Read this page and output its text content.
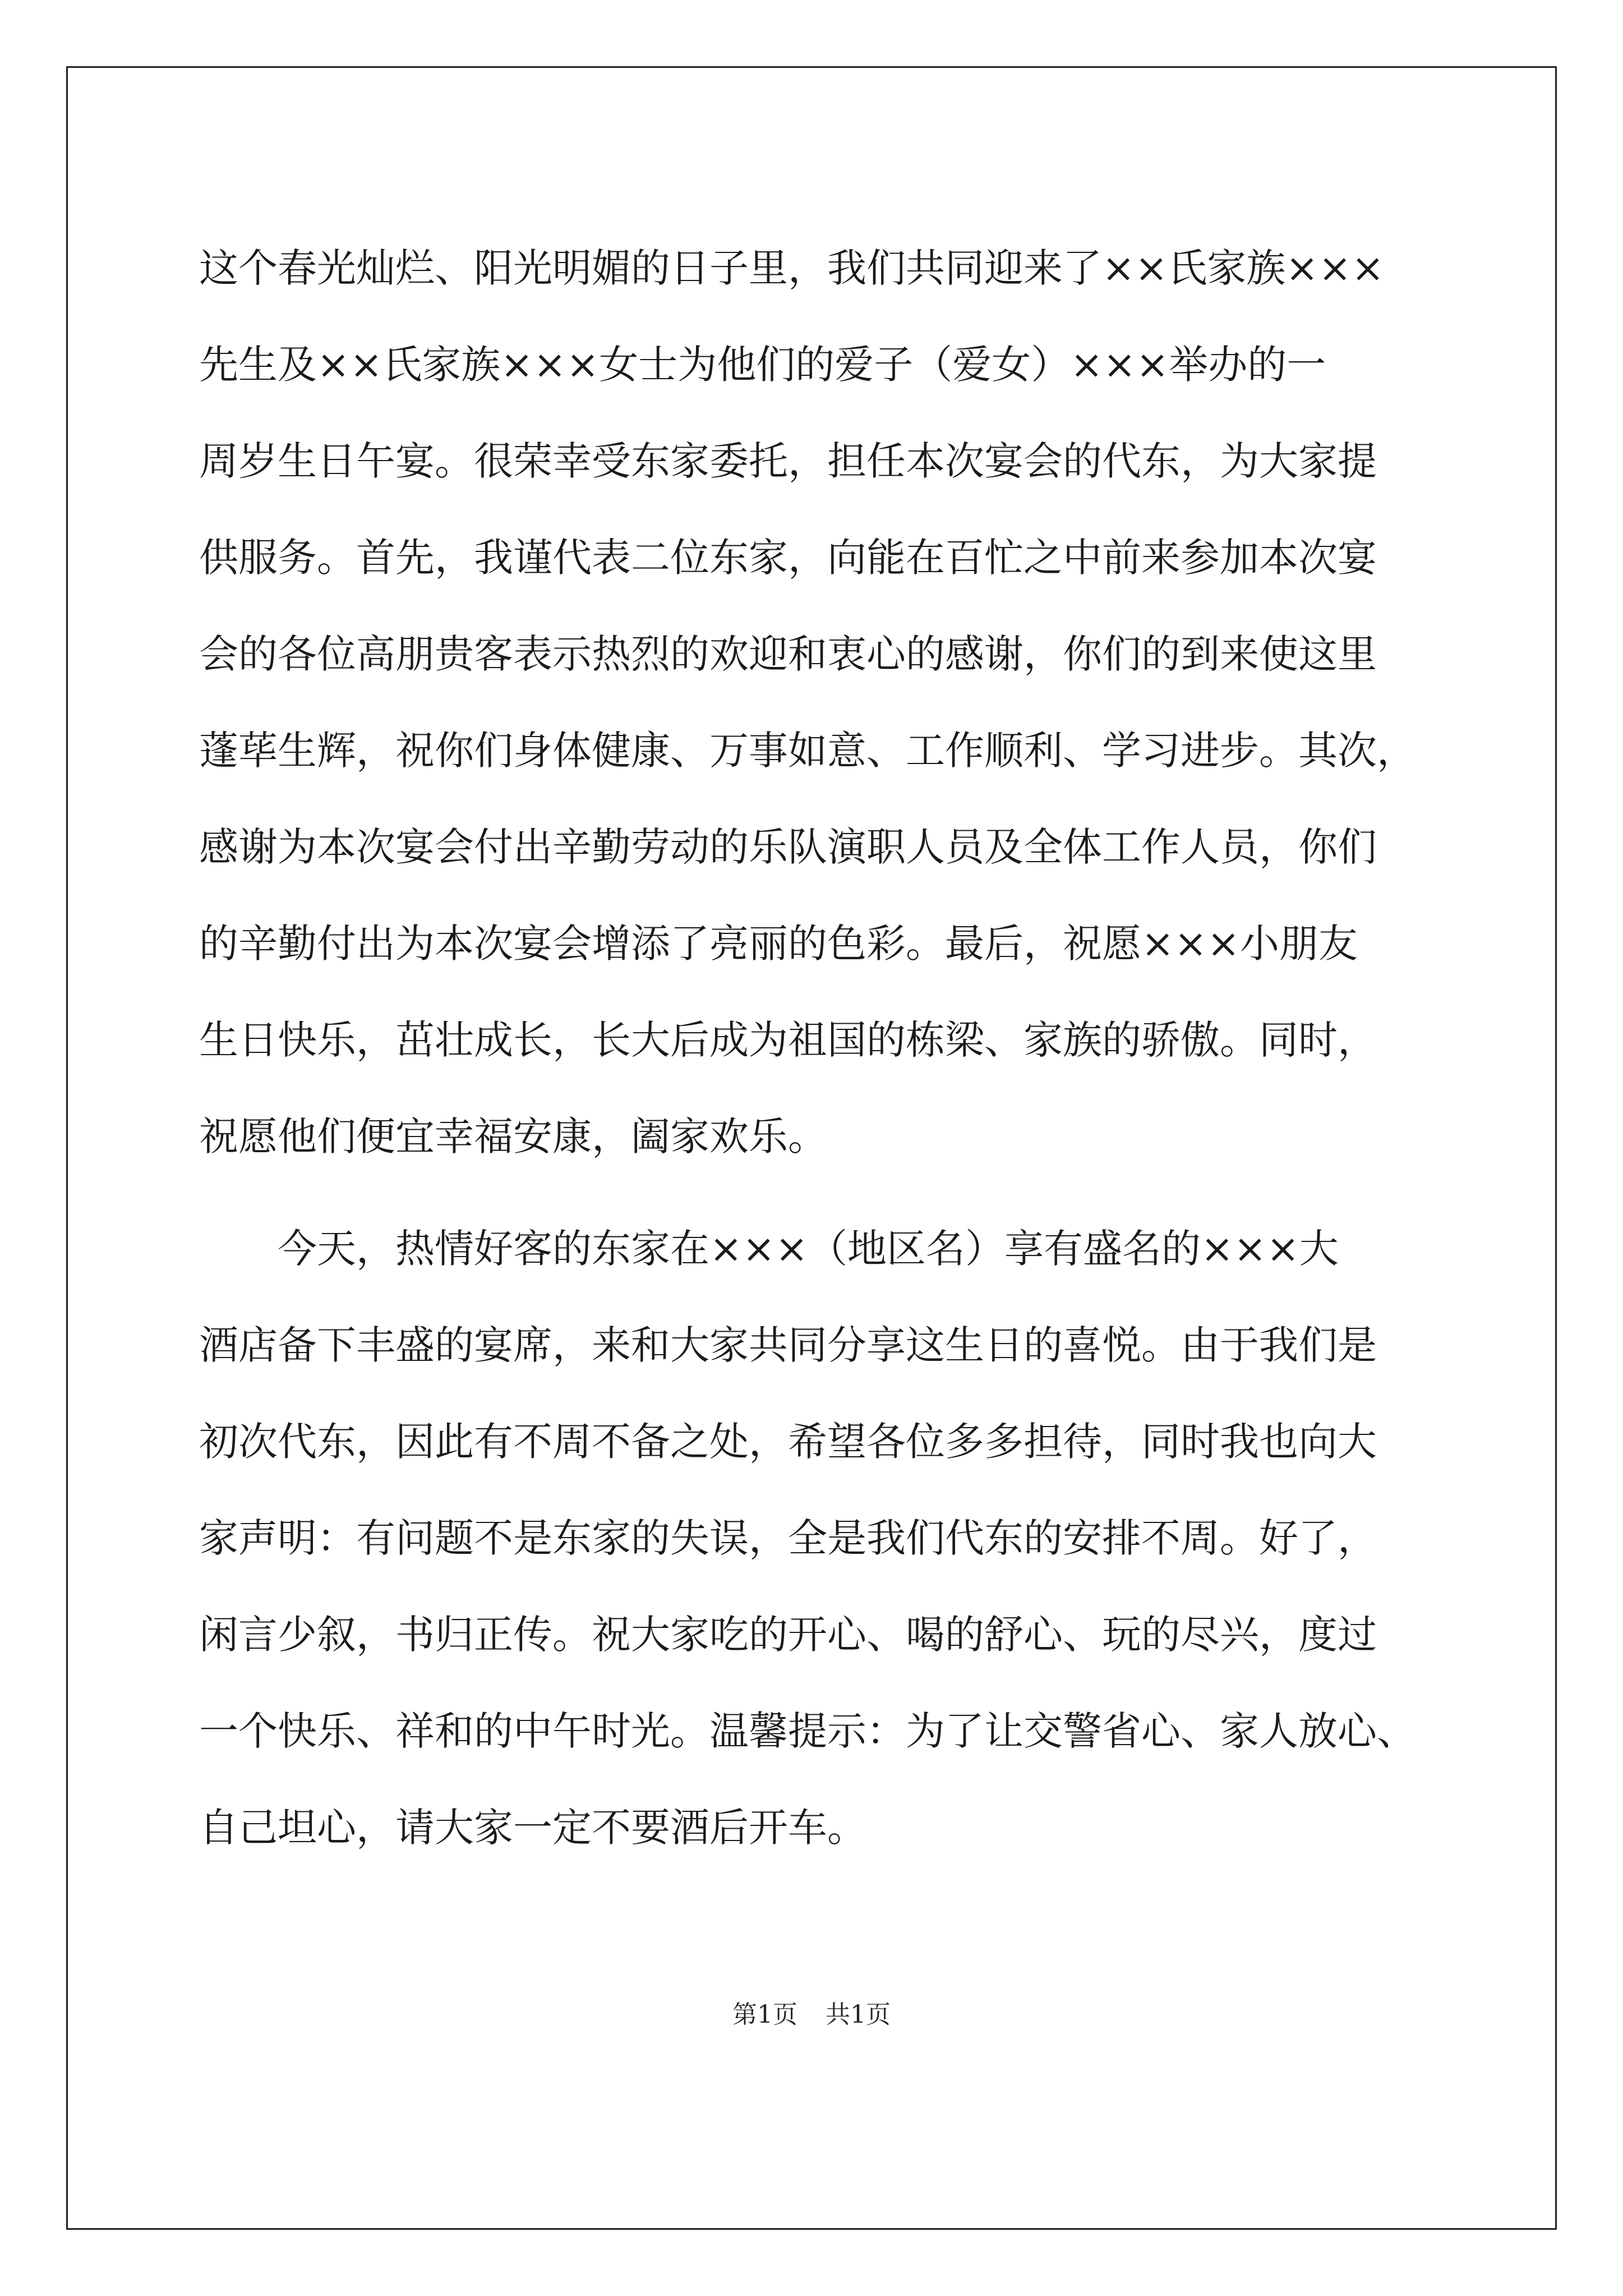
这个春光灿烂、阳光明媚的日子里，我们共同迎来了××氏家族×××

先生及××氏家族×××女士为他们的爱子（爱女）×××举办的一

周岁生日午宴。很荣幸受东家委托，担任本次宴会的代东，为大家提

供服务。首先，我谨代表二位东家，向能在百忙之中前来参加本次宴

会的各位高朋贵客表示热烈的欢迎和衷心的感谢，你们的到来使这里

蓬荜生辉，祝你们身体健康、万事如意、工作顺利、学习进步。其次，

感谢为本次宴会付出辛勤劳动的乐队演职人员及全体工作人员，你们

的辛勤付出为本次宴会增添了亮丽的色彩。最后，祝愿×××小朋友

生日快乐，茁壮成长，长大后成为祖国的栋梁、家族的骄傲。同时，

祝愿他们便宜幸福安康，阖家欢乐。

　　今天，热情好客的东家在×××（地区名）享有盛名的×××大

酒店备下丰盛的宴席，来和大家共同分享这生日的喜悦。由于我们是

初次代东，因此有不周不备之处，希望各位多多担待，同时我也向大

家声明：有问题不是东家的失误，全是我们代东的安排不周。好了，

闲言少叙，书归正传。祝大家吃的开心、喝的舒心、玩的尽兴，度过

一个快乐、祥和的中午时光。温馨提示：为了让交警省心、家人放心、

自己坦心，请大家一定不要酒后开车。

第1页 共1页
